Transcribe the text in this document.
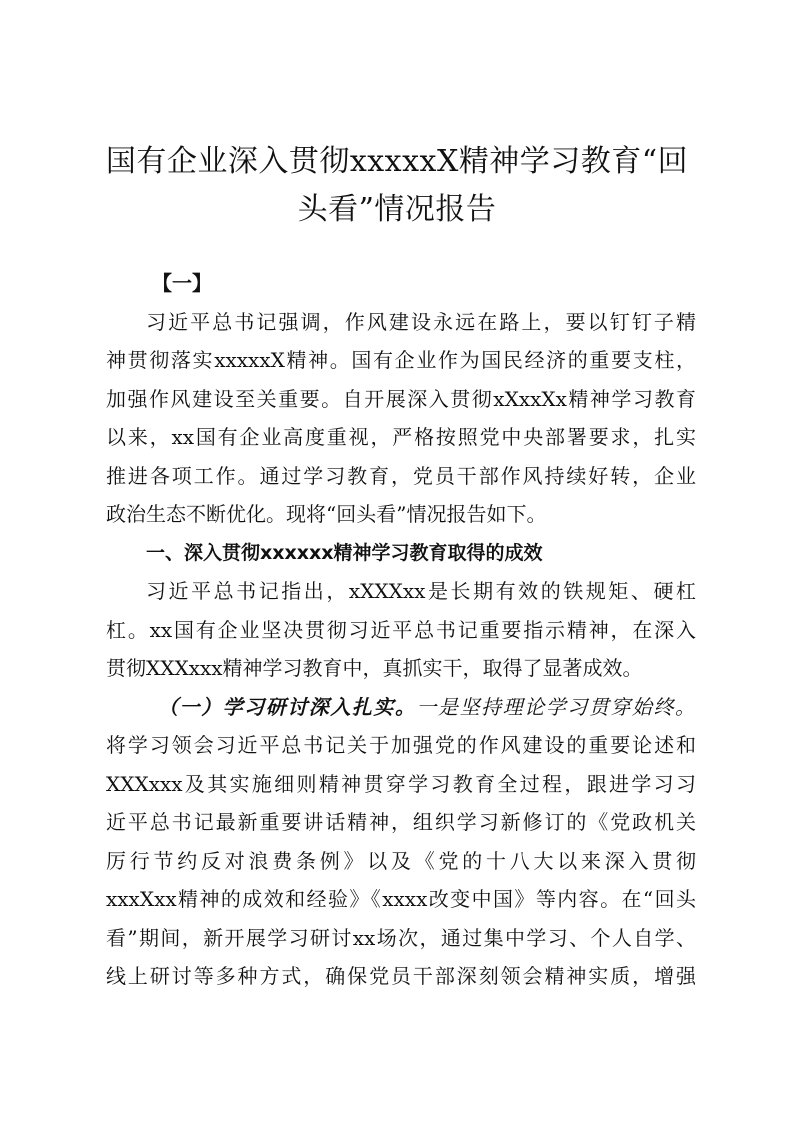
国有企业深入贯彻xxxxxX精神学习教育“回
头看”情况报告
【一】
习近平总书记强调，作风建设永远在路上，要以钉钉子精
神贯彻落实xxxxxX精神。国有企业作为国民经济的重要支柱，
加强作风建设至关重要。自开展深入贯彻xXxxXx精神学习教育
以来，xx国有企业高度重视，严格按照党中央部署要求，扎实
推进各项工作。通过学习教育，党员干部作风持续好转，企业
政治生态不断优化。现将“回头看”情况报告如下。
一、深入贯彻xxxxxx精神学习教育取得的成效
习近平总书记指出，xXXXxx是长期有效的铁规矩、硬杠
杠。xx国有企业坚决贯彻习近平总书记重要指示精神，在深入
贯彻XXXxxx精神学习教育中，真抓实干，取得了显著成效。
（一）学习研讨深入扎实。一是坚持理论学习贯穿始终。
将学习领会习近平总书记关于加强党的作风建设的重要论述和
XXXxxx及其实施细则精神贯穿学习教育全过程，跟进学习习
近平总书记最新重要讲话精神，组织学习新修订的《党政机关
厉行节约反对浪费条例》以及《党的十八大以来深入贯彻
xxxXxx精神的成效和经验》《xxxx改变中国》等内容。在“回头
看”期间，新开展学习研讨xx场次，通过集中学习、个人自学、
线上研讨等多种方式，确保党员干部深刻领会精神实质，增强
